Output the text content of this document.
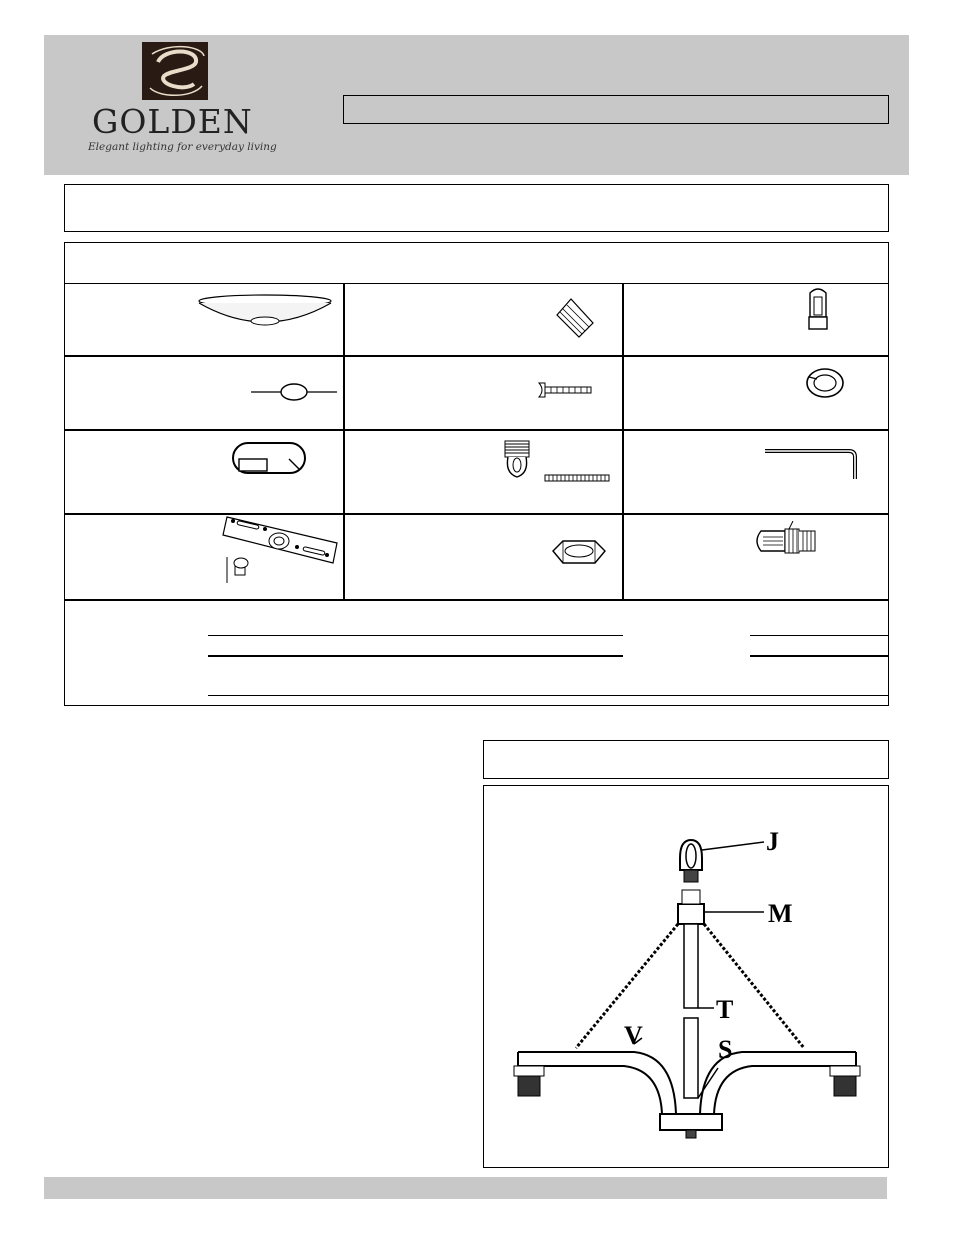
GOLDEN
Elegant lighting for everyday living
J
M
T
V	S
